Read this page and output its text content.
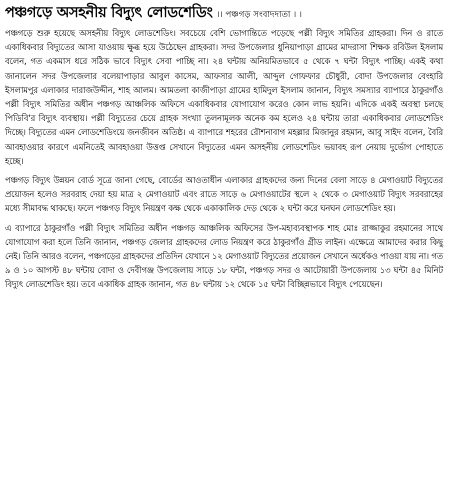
পঞ্চগড়ে অসহনীয় বিদ্যুৎ লোডশেডিং ।। পঞ্চগড় সংবাদদাতা । ।

পঞ্চগড়ে শুরু হয়েছে অসহনীয় বিদ্যুৎ লোডশেডিং। সবচেয়ে বেশি ভোগান্তিতে পড়েছে পল্লী বিদ্যুৎ সমিতির গ্রাহকরা। দিন ও রাতে একাধিকবার বিদ্যুতের আসা যাওয়ায় ক্ষুব্ধ হয়ে উঠেছেন গ্রাহকরা। সদর উপজেলার ধুনিয়াপাড়া গ্রামের মাদরাসা শিক্ষক রবিউল ইসলাম বলেন, গত একমাস ধরে সঠিক ভাবে বিদ্যুৎ সেবা পাচ্ছি না। ২৪ ঘন্টায় অনিয়মিতভাবে ৫ থেকে ৭ ঘন্টা বিদ্যুৎ পাচ্ছি। একই কথা জানালেন সদর উপজেলার বলেয়াপাড়ার আবুল কাসেম, আফসার আলী, আব্দুল গোফফার চৌধুরী, বোদা উপজেলার বেংহারি ইসলামপুর এলাকার দারাজউদ্দীন, শাহ আলম। আমতলা কাজীপাড়া গ্রামের হামিদুল ইসলাম জানান, বিদ্যুৎ সমস্যার ব্যাপারে ঠাকুরগাঁও পল্লী বিদ্যুৎ সমিতির অধীন পঞ্চগড় আঞ্চলিক অফিসে একাধিকবার যোগাযোগ করেও কোন লাভ হয়নি। এদিকে একই অবস্থা চলছে পিডিবি'র বিদ্যুৎ ব্যবস্থায়। পল্লী বিদ্যুতের চেয়ে গ্রাহক সংখ্যা তুলনামূলক অনেক কম হলেও ২৪ ঘন্টায় তারা একাধিকবার লোডশেডিং দিচ্ছে। বিদ্যুতের এমন লোডশেডিংয়ে জনজীবন অতিষ্ঠ। এ ব্যাপারে শহরের রৌশনাবাগ মহল্লার মিজানুর রহমান, আবু সাইদ বলেন, বৈরি আবহাওয়ার কারণে এমনিতেই আবহাওয়া উত্তপ্ত সেখানে বিদ্যুতের এমন অসহনীয় লোডশেডিং ভয়াবহ রূপ নেয়ায় দুর্ভোগ পোহাতে হচ্ছে।

পঞ্চগড় বিদ্যুৎ উন্নয়ন বোর্ড সূত্রে জানা গেছে, বোর্ডের আওতাধীন এলাকার গ্রাহকদের জন্য দিনের বেলা সাড়ে ৪ মেগাওয়াট বিদ্যুতের প্রয়োজন হলেও সরবরাহ দেয়া হয় মাত্র ২ মেগাওয়াট এবং রাতে সাড়ে ৬ মেগাওয়াটের স্থলে ২ থেকে ৩ মেগাওয়াট বিদ্যুৎ সরবরাহের মধ্যে সীমাবদ্ধ থাকছে। ফলে পঞ্চগড় বিদ্যুৎ নিয়ন্ত্রণ কক্ষ থেকে একাকালিক দেড় থেকে ২ ঘন্টা করে ঘনঘন লোডশেডিং হয়।

এ ব্যাপারে ঠাকুরগাঁও পল্লী বিদ্যুৎ সমিতির অধীন পঞ্চগড় আঞ্চলিক অফিসের উপ-মহাব্যবস্থাপক শাহ মোঃ রাজ্জাকুর রহমানের সাথে যোগাযোগ করা হলে তিনি জানান, পঞ্চগড় জেলার গ্রাহকদের লোড নিয়ন্ত্রণ করে ঠাকুরগাঁও গ্রীড লাইন। এক্ষেত্রে আমাদের করার কিছু নেই। তিনি আরও বলেন, পঞ্চগড়ের গ্রাহকদের প্রতিদিন যেখানে ১২ মেগাওয়াট বিদ্যুতের প্রয়োজন সেখানে অর্ধেকও পাওয়া যায় না। গত ৯ ও ১০ আগস্ট ৪৮ ঘন্টায় বোদা ও দেবীগঞ্জ উপজেলায় সাড়ে ১৮ ঘন্টা, পঞ্চগড় সদর ও আটোয়ারী উপজেলায় ১৩ ঘন্টা ৪৫ মিনিট বিদ্যুৎ লোডশেডিং হয়। তবে একাধিক গ্রাহক জানান, গত ৪৮ ঘন্টায় ১২ থেকে ১৫ ঘন্টা বিচ্ছিন্নভাবে বিদ্যুৎ পেয়েছেন।
